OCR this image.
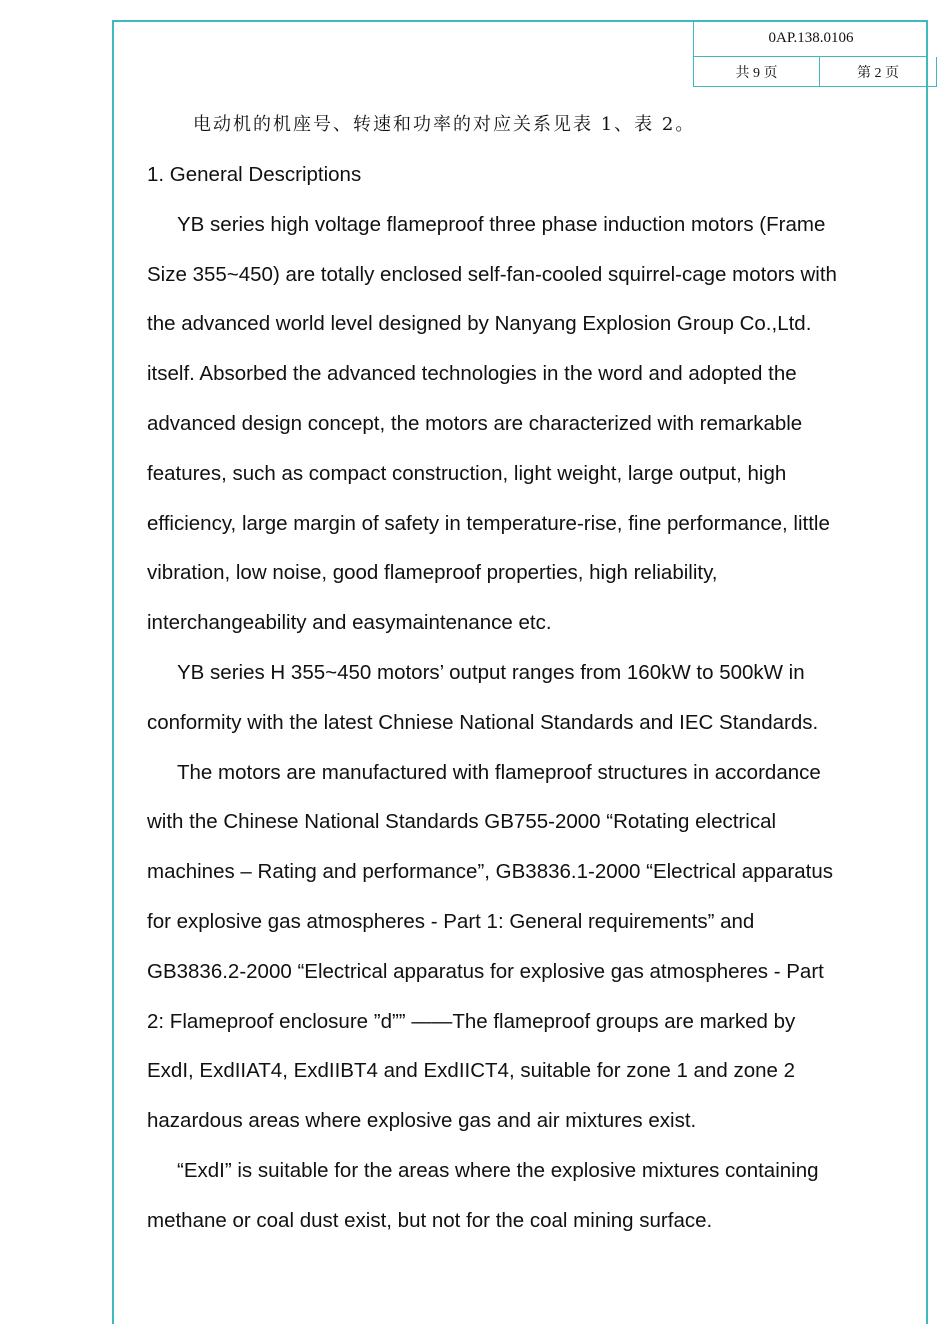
0AP.138.0106
共 9 页	第 2 页

电动机的机座号、转速和功率的对应关系见表 1、表 2。

1. General Descriptions

YB series high voltage flameproof three phase induction motors (Frame

Size 355~450) are totally enclosed self-fan-cooled squirrel-cage motors with

the advanced world level designed by Nanyang Explosion Group Co.,Ltd.

itself. Absorbed the advanced technologies in the word and adopted the

advanced design concept, the motors are characterized with remarkable

features, such as compact construction, light weight, large output, high

efficiency, large margin of safety in temperature-rise, fine performance, little

vibration, low noise, good flameproof properties, high reliability,

interchangeability and easymaintenance etc.

YB series H 355~450 motors’ output ranges from 160kW to 500kW in

conformity with the latest Chniese National Standards and IEC Standards.

The motors are manufactured with flameproof structures in accordance

with the Chinese National Standards GB755-2000 “Rotating electrical

machines – Rating and performance”, GB3836.1-2000 “Electrical apparatus

for explosive gas atmospheres - Part 1: General requirements” and

GB3836.2-2000 “Electrical apparatus for explosive gas atmospheres - Part

2: Flameproof enclosure ”d”” ——The flameproof groups are marked by

ExdI, ExdIIAT4, ExdIIBT4 and ExdIICT4, suitable for zone 1 and zone 2

hazardous areas where explosive gas and air mixtures exist.

“ExdI” is suitable for the areas where the explosive mixtures containing

methane or coal dust exist, but not for the coal mining surface.
